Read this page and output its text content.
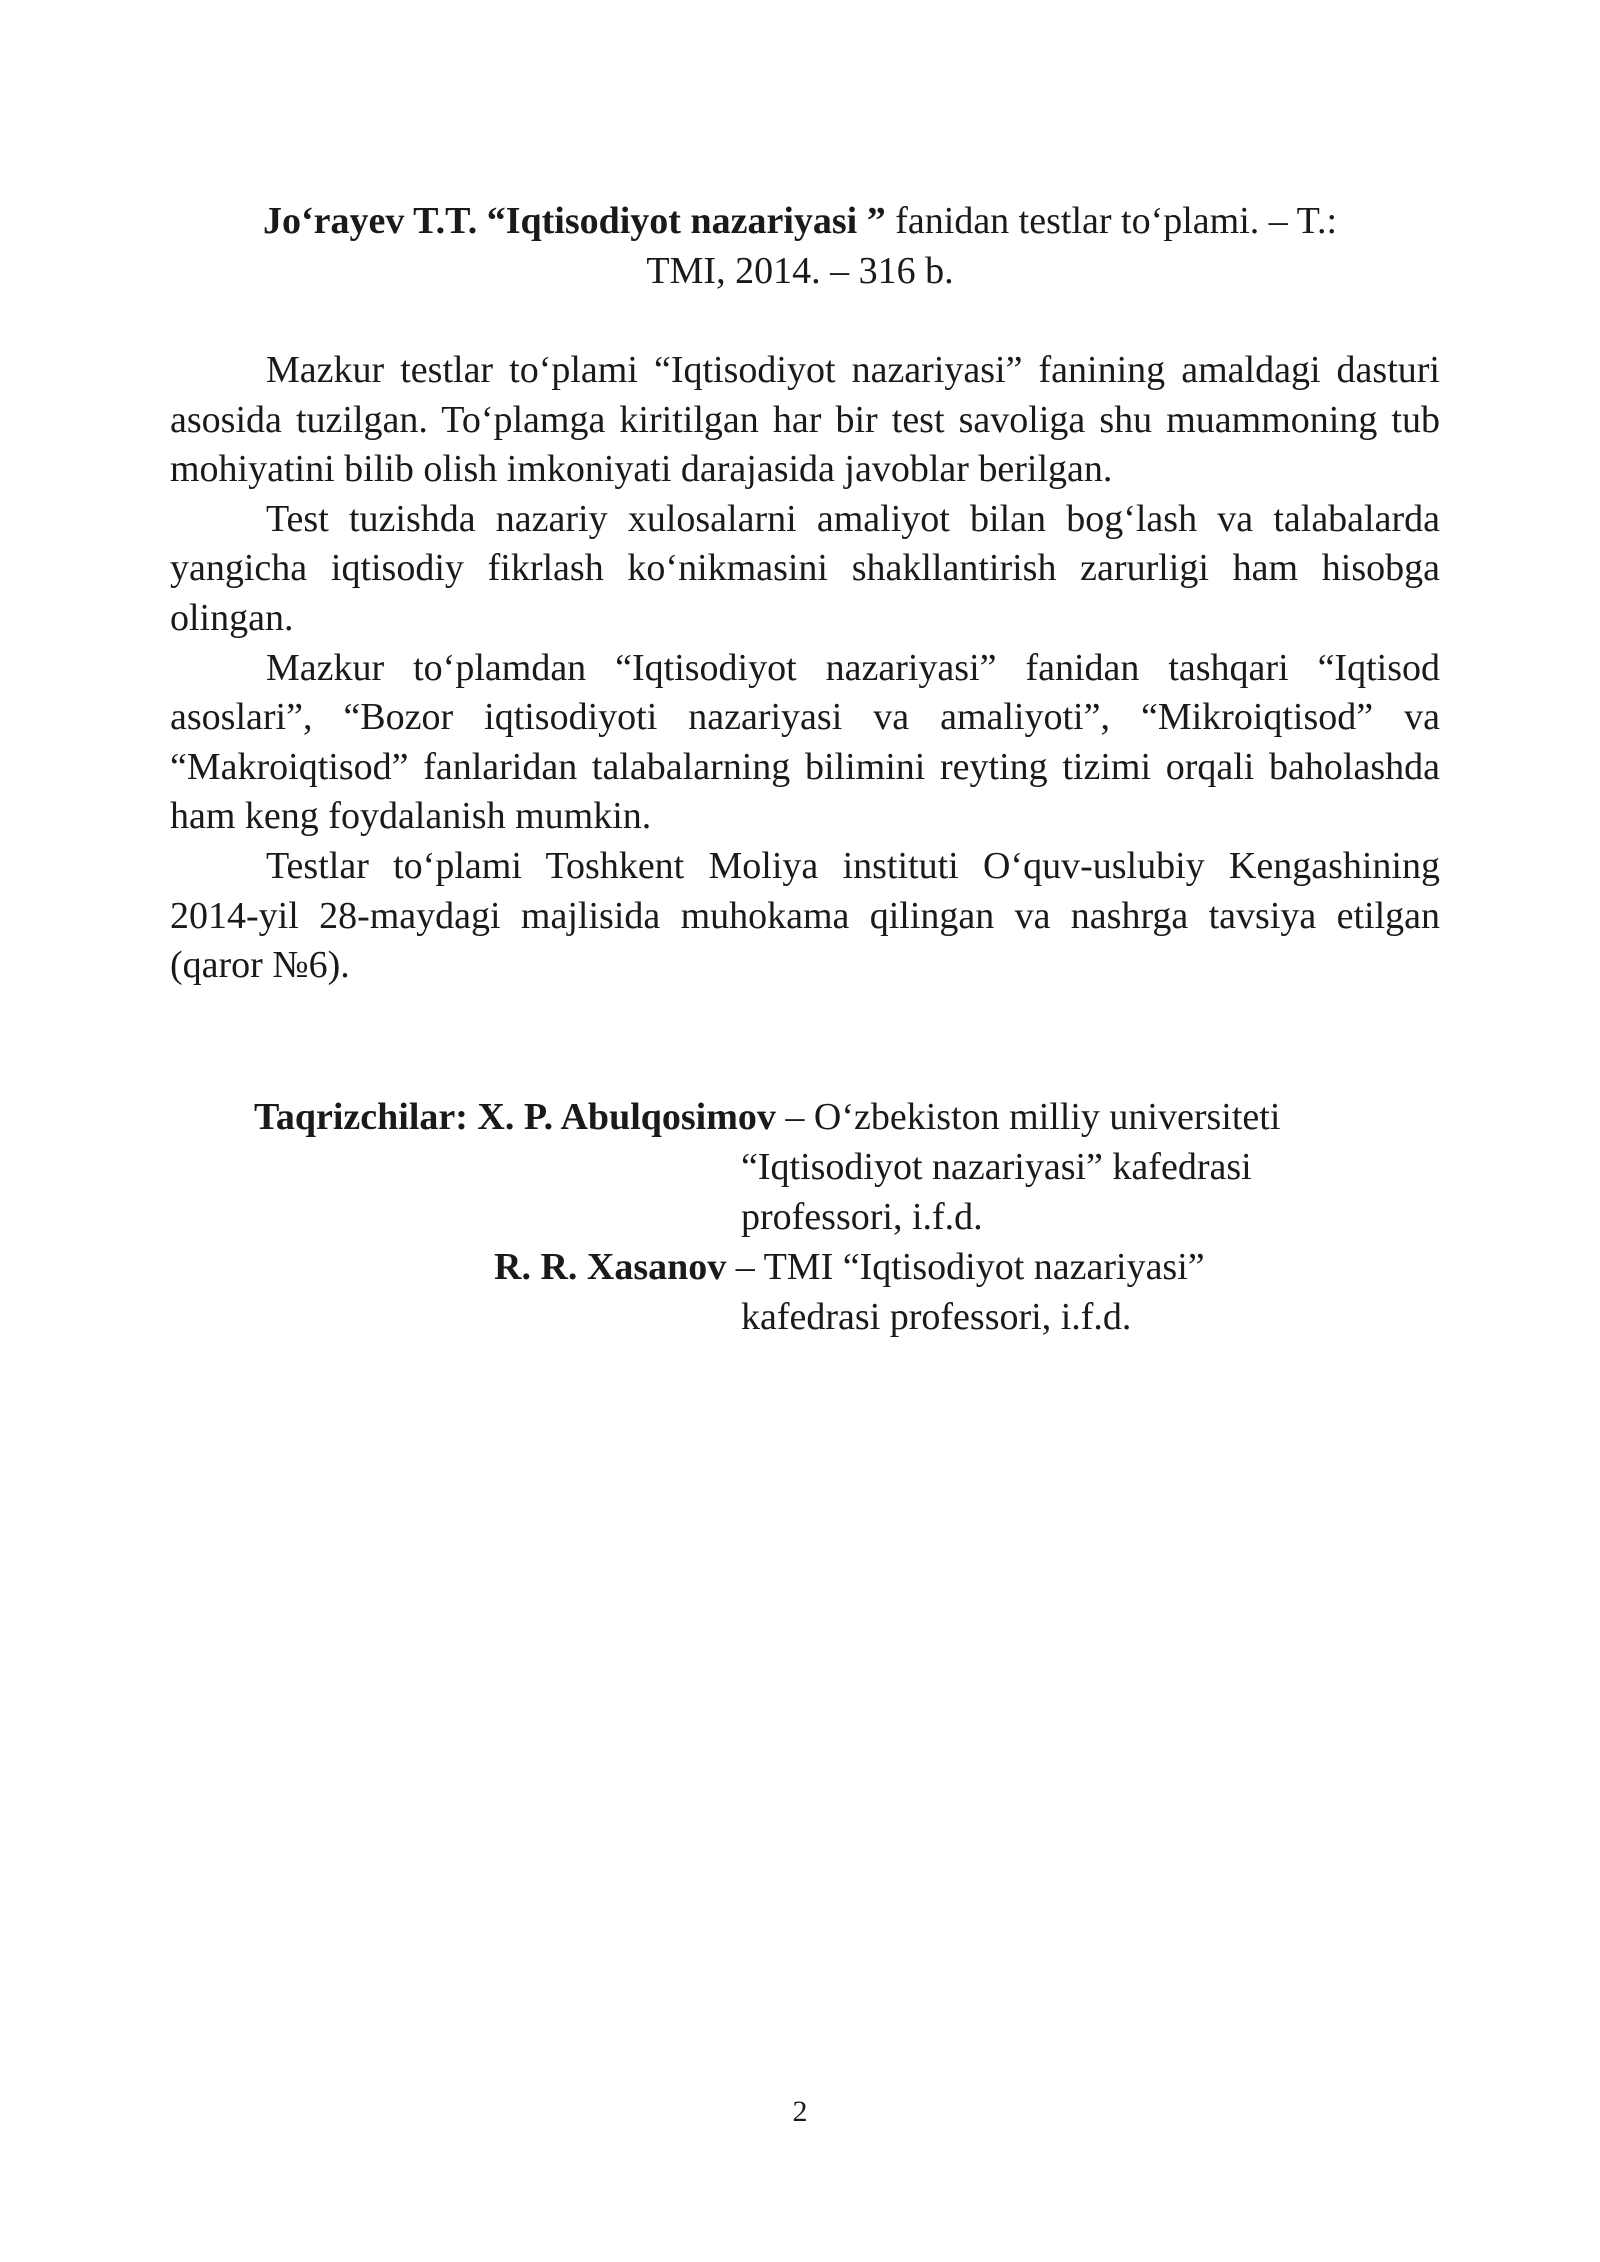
Jo‘rayev T.T. “Iqtisodiyot nazariyasi ” fanidan testlar to‘plami. – T.:
TMI, 2014. – 316 b.

Mazkur testlar to‘plami “Iqtisodiyot nazariyasi” fanining amaldagi dasturi asosida tuzilgan. To‘plamga kiritilgan har bir test savoliga shu muammoning tub mohiyatini bilib olish imkoniyati darajasida javoblar berilgan.

Test tuzishda nazariy xulosalarni amaliyot bilan bog‘lash va talabalarda yangicha iqtisodiy fikrlash ko‘nikmasini shakllantirish zarurligi ham hisobga olingan.

Mazkur to‘plamdan “Iqtisodiyot nazariyasi” fanidan tashqari “Iqtisod asoslari”, “Bozor iqtisodiyoti nazariyasi va amaliyoti”, “Mikroiqtisod” va “Makroiqtisod” fanlaridan talabalarning bilimini reyting tizimi orqali baholashda ham keng foydalanish mumkin.

Testlar to‘plami Toshkent Moliya instituti O‘quv-uslubiy Kengashining 2014-yil 28-maydagi majlisida muhokama qilingan va nashrga tavsiya etilgan (qaror №6).

Taqrizchilar: X. P. Abulqosimov – O‘zbekiston milliy universiteti
“Iqtisodiyot nazariyasi” kafedrasi
professori, i.f.d.
R. R. Xasanov – TMI “Iqtisodiyot nazariyasi”
kafedrasi professori, i.f.d.
2
